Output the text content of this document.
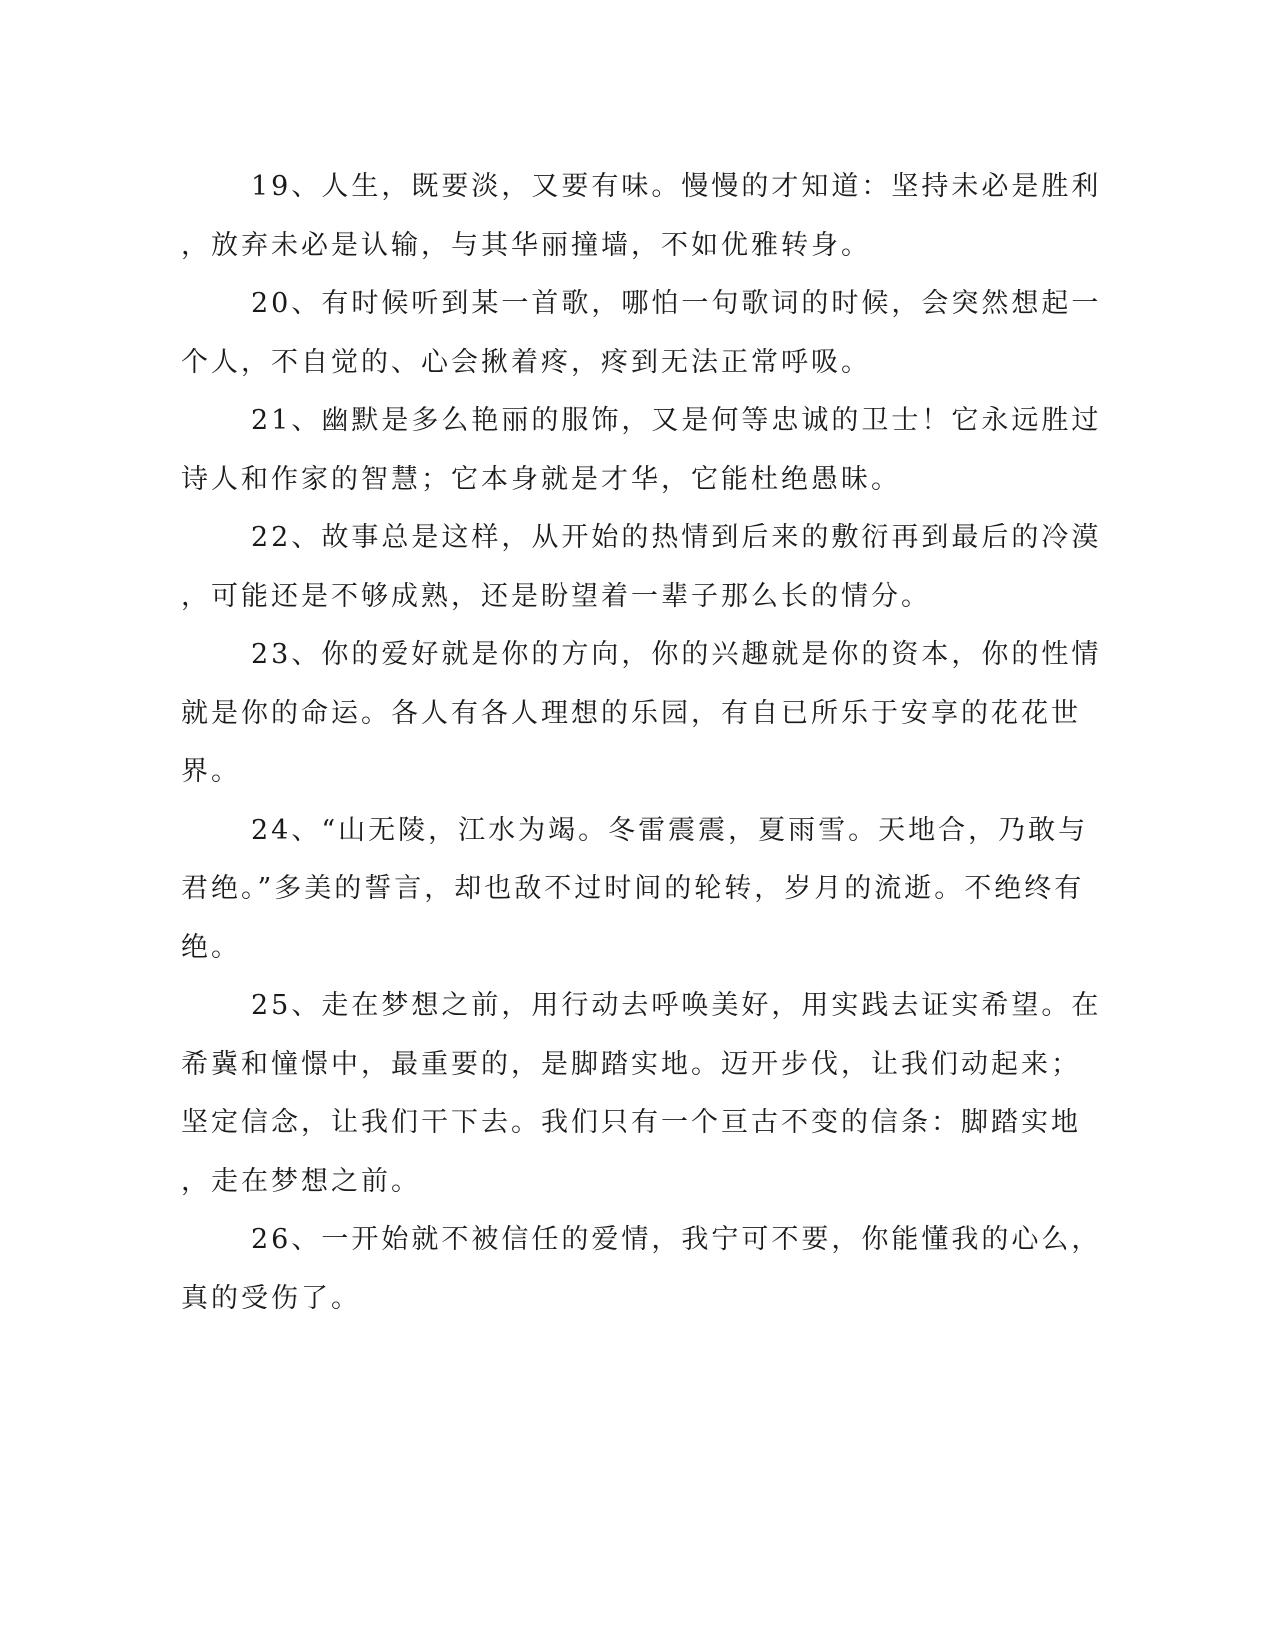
19、人生，既要淡，又要有味。慢慢的才知道：坚持未必是胜利
，放弃未必是认输，与其华丽撞墙，不如优雅转身。

20、有时候听到某一首歌，哪怕一句歌词的时候，会突然想起一
个人，不自觉的、心会揪着疼，疼到无法正常呼吸。

21、幽默是多么艳丽的服饰，又是何等忠诚的卫士！它永远胜过
诗人和作家的智慧；它本身就是才华，它能杜绝愚昧。

22、故事总是这样，从开始的热情到后来的敷衍再到最后的冷漠
，可能还是不够成熟，还是盼望着一辈子那么长的情分。

23、你的爱好就是你的方向，你的兴趣就是你的资本，你的性情
就是你的命运。各人有各人理想的乐园，有自已所乐于安享的花花世
界。

24、“山无陵，江水为竭。冬雷震震，夏雨雪。天地合，乃敢与
君绝。”多美的誓言，却也敌不过时间的轮转，岁月的流逝。不绝终有
绝。

25、走在梦想之前，用行动去呼唤美好，用实践去证实希望。在
希冀和憧憬中，最重要的，是脚踏实地。迈开步伐，让我们动起来；
坚定信念，让我们干下去。我们只有一个亘古不变的信条：脚踏实地
，走在梦想之前。

26、一开始就不被信任的爱情，我宁可不要，你能懂我的心么，
真的受伤了。
